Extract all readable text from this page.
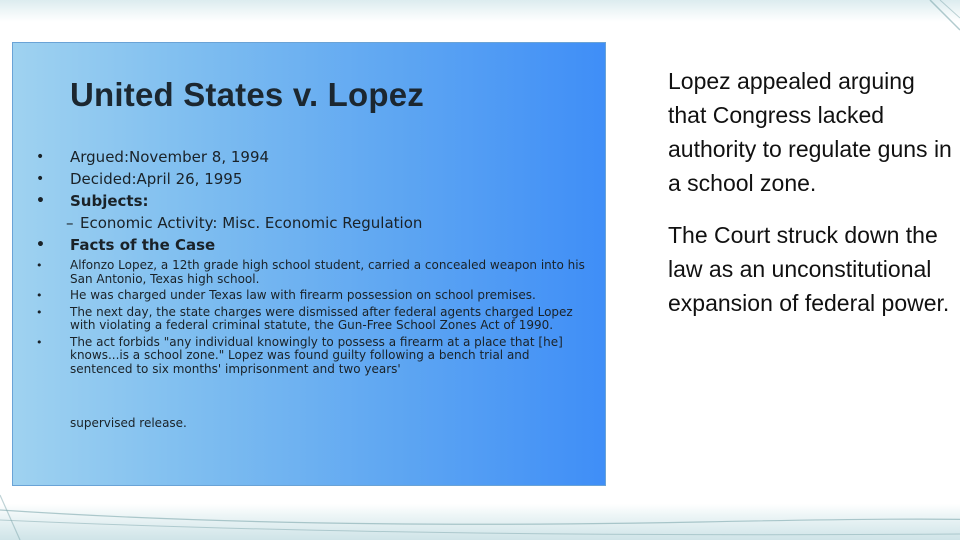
United States v. Lopez
• Argued:November 8, 1994
• Decided:April 26, 1995
• Subjects:
– Economic Activity: Misc. Economic Regulation
• Facts of the Case
• Alfonzo Lopez, a 12th grade high school student, carried a concealed weapon into his San Antonio, Texas high school.
• He was charged under Texas law with firearm possession on school premises.
• The next day, the state charges were dismissed after federal agents charged Lopez with violating a federal criminal statute, the Gun-Free School Zones Act of 1990.
• The act forbids "any individual knowingly to possess a firearm at a place that [he] knows...is a school zone." Lopez was found guilty following a bench trial and sentenced to six months' imprisonment and two years'
supervised release.

Lopez appealed arguing that Congress lacked authority to regulate guns in a school zone.

The Court struck down the law as an unconstitutional expansion of federal power.
